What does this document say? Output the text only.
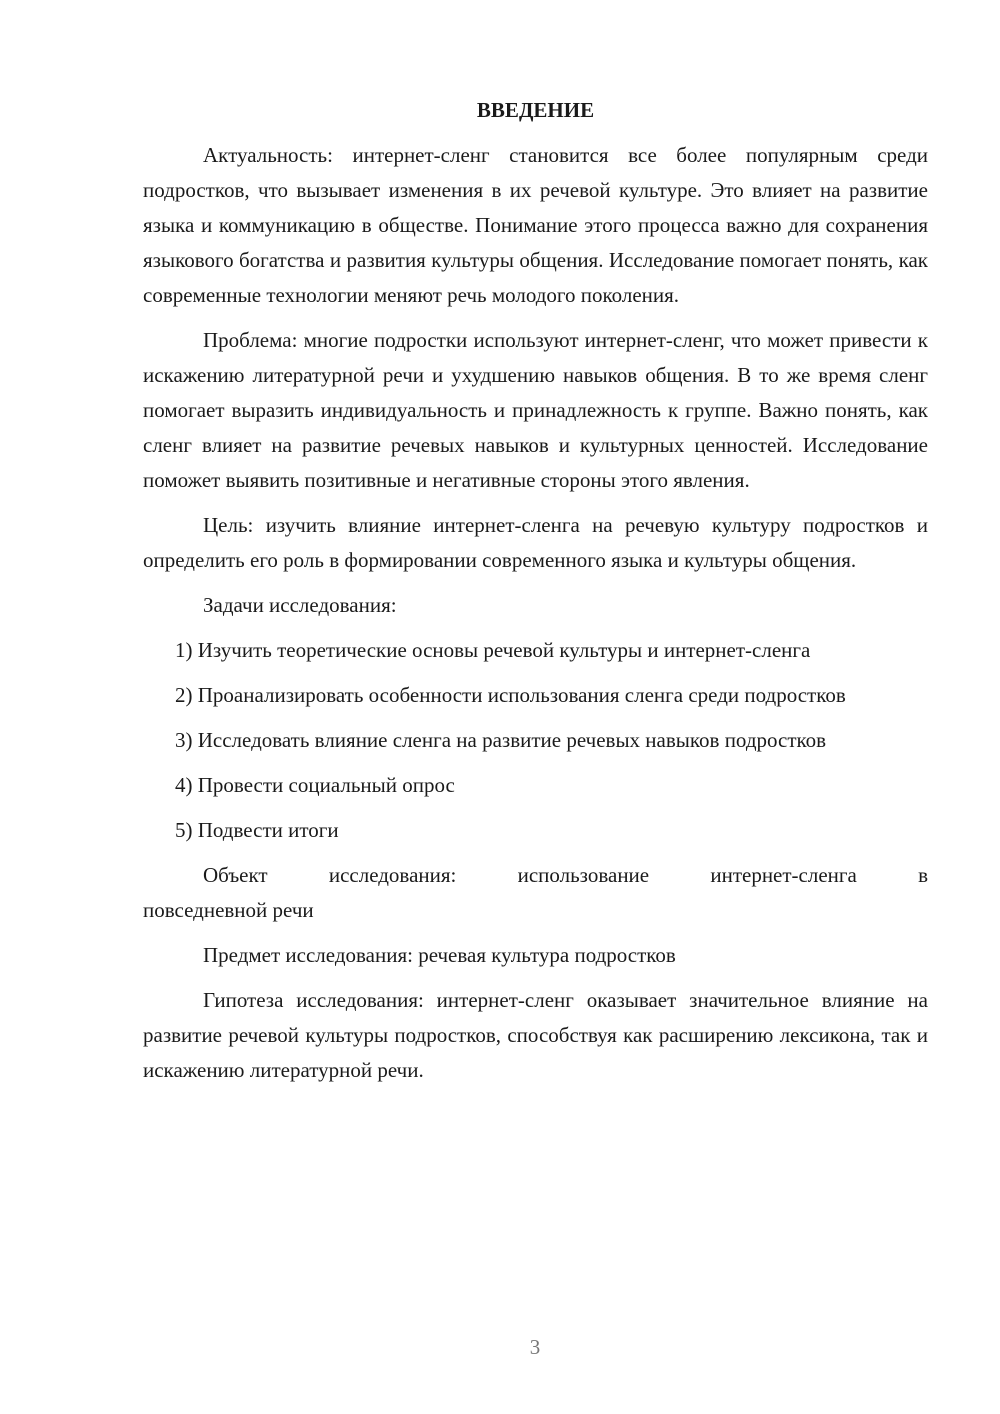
ВВЕДЕНИЕ

Актуальность: интернет-сленг становится все более популярным среди подростков, что вызывает изменения в их речевой культуре. Это влияет на развитие языка и коммуникацию в обществе. Понимание этого процесса важно для сохранения языкового богатства и развития культуры общения. Исследование помогает понять, как современные технологии меняют речь молодого поколения.

Проблема: многие подростки используют интернет-сленг, что может привести к искажению литературной речи и ухудшению навыков общения. В то же время сленг помогает выразить индивидуальность и принадлежность к группе. Важно понять, как сленг влияет на развитие речевых навыков и культурных ценностей. Исследование поможет выявить позитивные и негативные стороны этого явления.

Цель: изучить влияние интернет-сленга на речевую культуру подростков и определить его роль в формировании современного языка и культуры общения.

Задачи исследования:

1) Изучить теоретические основы речевой культуры и интернет-сленга

2) Проанализировать особенности использования сленга среди подростков

3) Исследовать влияние сленга на развитие речевых навыков подростков

4) Провести социальный опрос

5) Подвести итоги

Объект исследования: использование интернет-сленга в
повседневной речи

Предмет исследования: речевая культура подростков

Гипотеза исследования: интернет-сленг оказывает значительное влияние на развитие речевой культуры подростков, способствуя как расширению лексикона, так и искажению литературной речи.

3
